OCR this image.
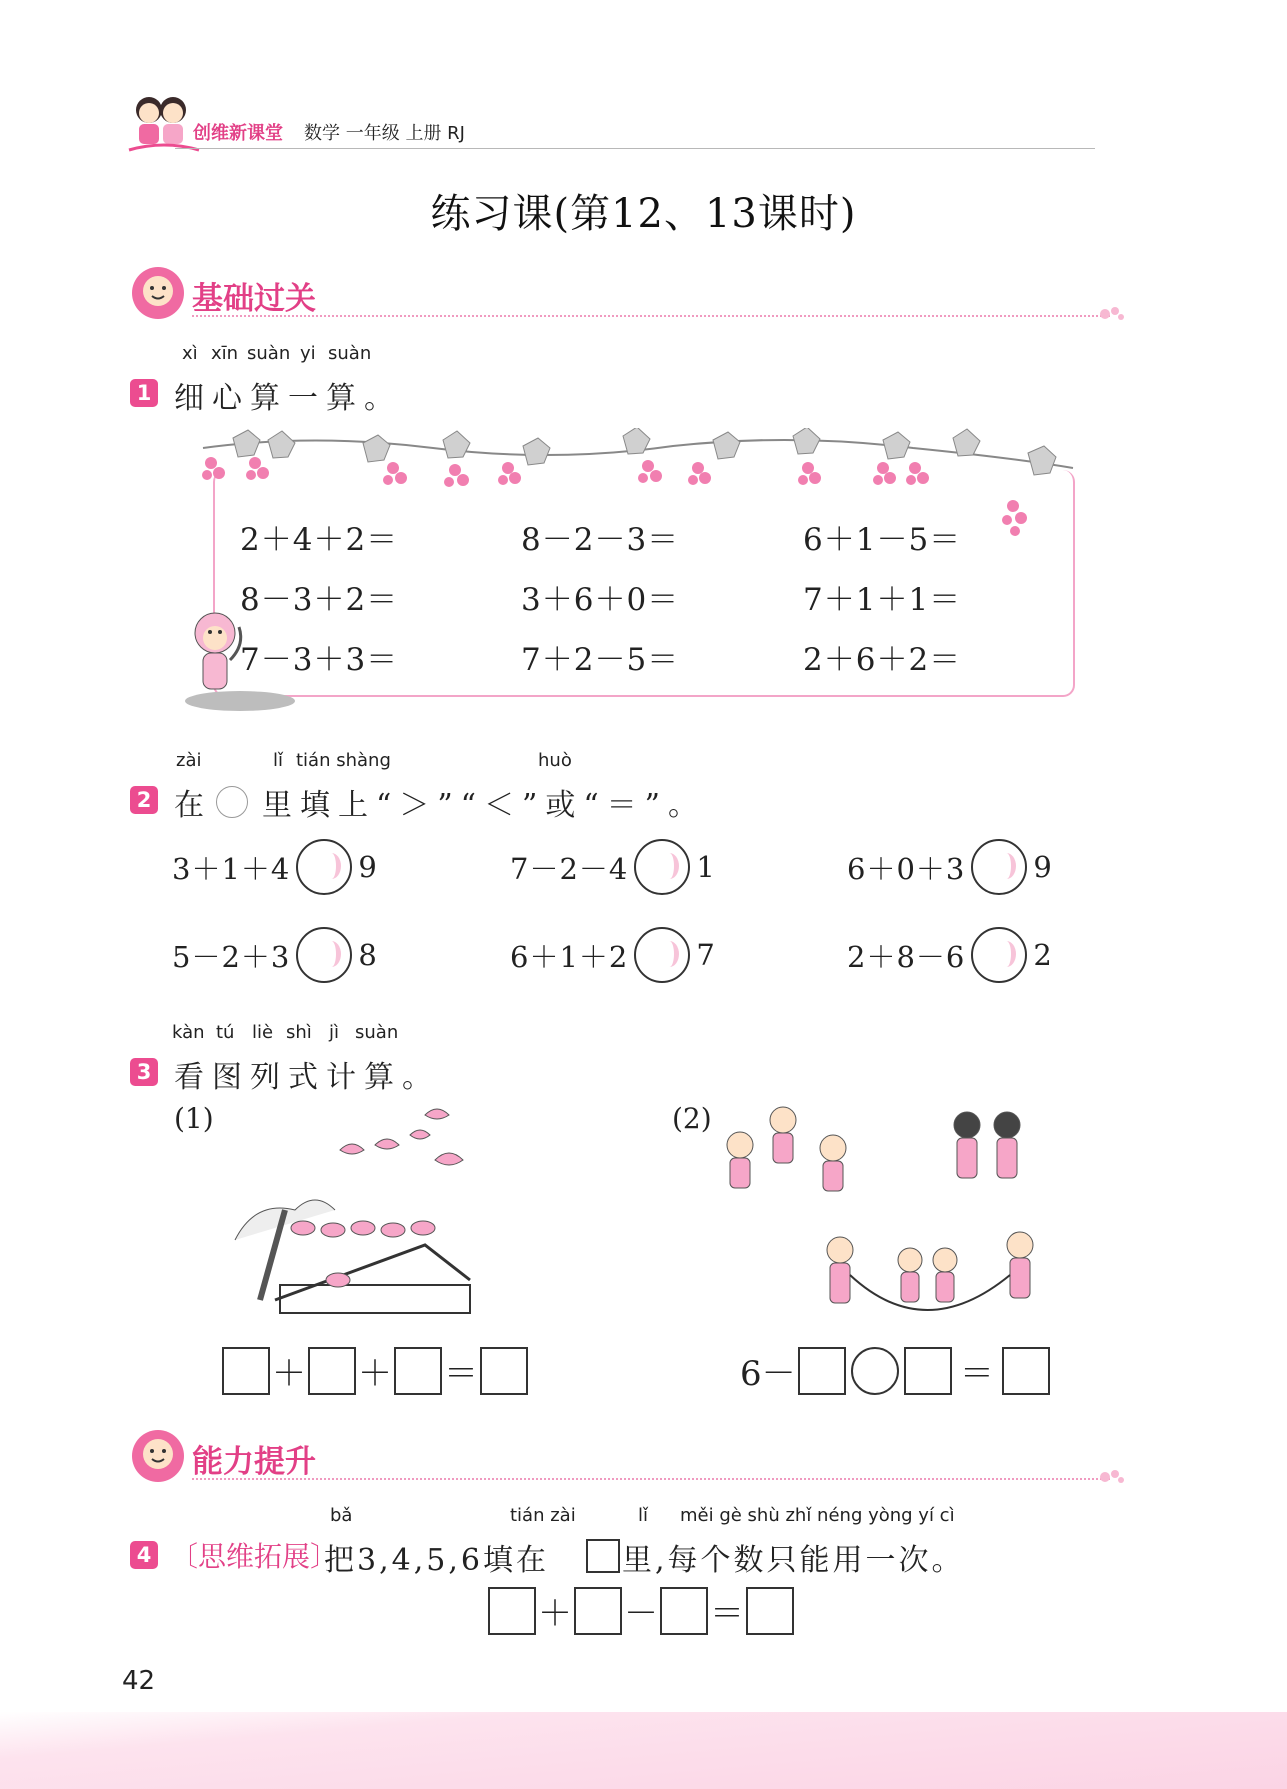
创维新课堂 数学 一年级 上册 RJ
练习课(第12、13课时)
基础过关
1
xì xīn suàn yi suàn
细心算一算。
2＋4＋2＝	8－2－3＝	6＋1－5＝
8－3＋2＝	3＋6＋0＝	7＋1＋1＝
7－3＋3＝	7＋2－5＝	2＋6＋2＝
2
zài	lǐ tián shàng	huò
在 里填上“＞”“＜”或“＝”。
3＋1＋4 9	7－2－4 1	6＋0＋3 9
5－2＋3 8	6＋1＋2 7	2＋8－6 2
3
kàn tú liè shì jì suàn
看图列式计算。
(1)	(2)
＋ ＋ ＝	6－	＝
能力提升
4
bǎ	tián zài	lǐ měi gè shù zhǐ néng yòng yí cì
〔思维拓展〕
把3,4,5,6填在 里,每个数只能用一次。
＋ － ＝
42
